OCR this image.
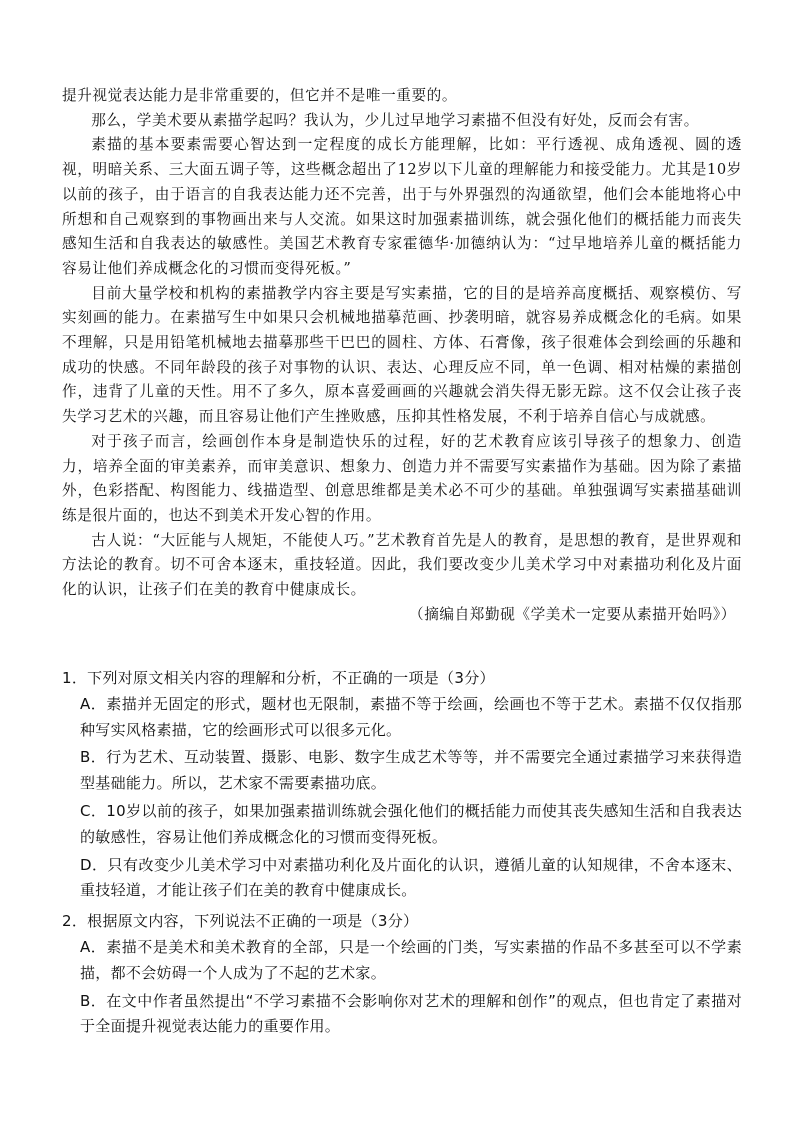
提升视觉表达能力是非常重要的，但它并不是唯一重要的。

那么，学美术要从素描学起吗？我认为，少儿过早地学习素描不但没有好处，反而会有害。

素描的基本要素需要心智达到一定程度的成长方能理解，比如：平行透视、成角透视、圆的透视，明暗关系、三大面五调子等，这些概念超出了12岁以下儿童的理解能力和接受能力。尤其是10岁以前的孩子，由于语言的自我表达能力还不完善，出于与外界强烈的沟通欲望，他们会本能地将心中所想和自己观察到的事物画出来与人交流。如果这时加强素描训练，就会强化他们的概括能力而丧失感知生活和自我表达的敏感性。美国艺术教育专家霍德华·加德纳认为：“过早地培养儿童的概括能力容易让他们养成概念化的习惯而变得死板。”

目前大量学校和机构的素描教学内容主要是写实素描，它的目的是培养高度概括、观察模仿、写实刻画的能力。在素描写生中如果只会机械地描摹范画、抄袭明暗，就容易养成概念化的毛病。如果不理解，只是用铅笔机械地去描摹那些干巴巴的圆柱、方体、石膏像，孩子很难体会到绘画的乐趣和成功的快感。不同年龄段的孩子对事物的认识、表达、心理反应不同，单一色调、相对枯燥的素描创作，违背了儿童的天性。用不了多久，原本喜爱画画的兴趣就会消失得无影无踪。这不仅会让孩子丧失学习艺术的兴趣，而且容易让他们产生挫败感，压抑其性格发展，不利于培养自信心与成就感。

对于孩子而言，绘画创作本身是制造快乐的过程，好的艺术教育应该引导孩子的想象力、创造力，培养全面的审美素养，而审美意识、想象力、创造力并不需要写实素描作为基础。因为除了素描外，色彩搭配、构图能力、线描造型、创意思维都是美术必不可少的基础。单独强调写实素描基础训练是很片面的，也达不到美术开发心智的作用。

古人说：“大匠能与人规矩，不能使人巧。”艺术教育首先是人的教育，是思想的教育，是世界观和方法论的教育。切不可舍本逐末，重技轻道。因此，我们要改变少儿美术学习中对素描功利化及片面化的认识，让孩子们在美的教育中健康成长。

（摘编自郑勤砚《学美术一定要从素描开始吗》）

1．下列对原文相关内容的理解和分析，不正确的一项是（3分）

A．素描并无固定的形式，题材也无限制，素描不等于绘画，绘画也不等于艺术。素描不仅仅指那种写实风格素描，它的绘画形式可以很多元化。

B．行为艺术、互动装置、摄影、电影、数字生成艺术等等，并不需要完全通过素描学习来获得造型基础能力。所以，艺术家不需要素描功底。

C．10岁以前的孩子，如果加强素描训练就会强化他们的概括能力而使其丧失感知生活和自我表达的敏感性，容易让他们养成概念化的习惯而变得死板。

D．只有改变少儿美术学习中对素描功利化及片面化的认识，遵循儿童的认知规律，不舍本逐末、重技轻道，才能让孩子们在美的教育中健康成长。

2．根据原文内容，下列说法不正确的一项是（3分）

A．素描不是美术和美术教育的全部，只是一个绘画的门类，写实素描的作品不多甚至可以不学素描，都不会妨碍一个人成为了不起的艺术家。

B．在文中作者虽然提出“不学习素描不会影响你对艺术的理解和创作”的观点，但也肯定了素描对于全面提升视觉表达能力的重要作用。
